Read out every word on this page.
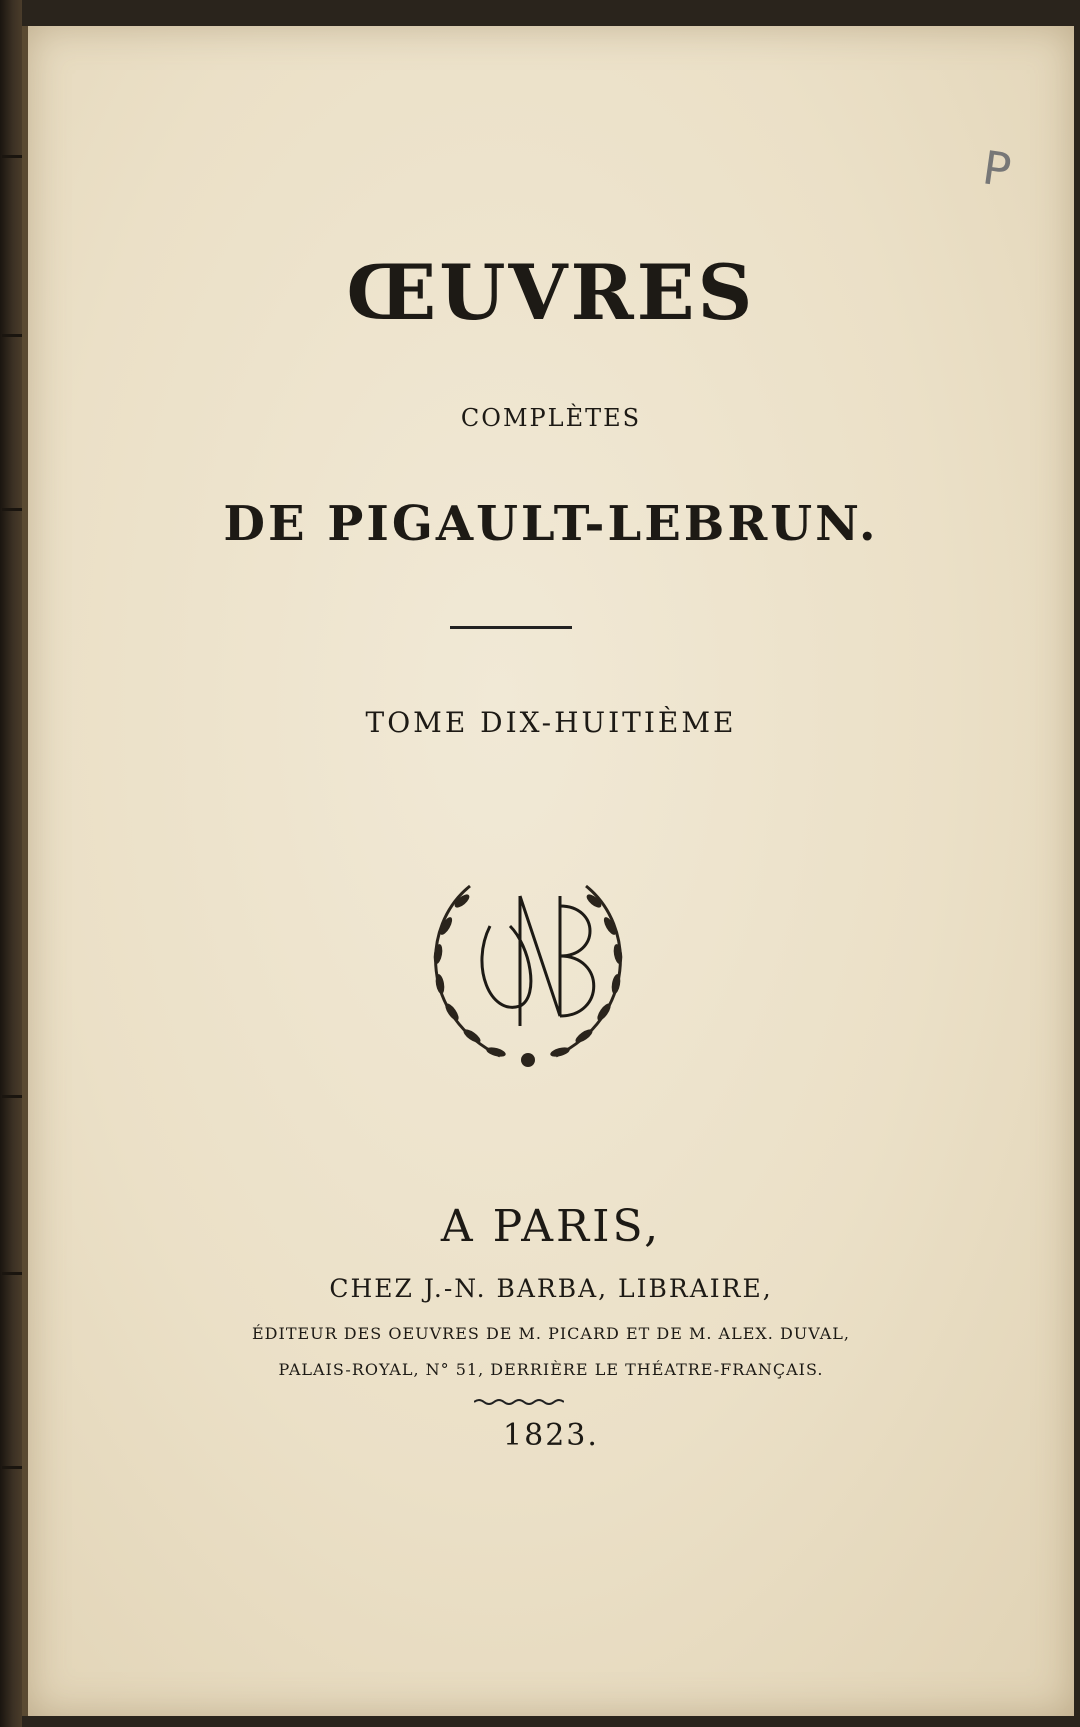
P
ŒUVRES
COMPLÈTES
DE PIGAULT-LEBRUN.
TOME DIX-HUITIÈME
A PARIS,
CHEZ J.-N. BARBA, LIBRAIRE,
ÉDITEUR DES OEUVRES DE M. PICARD ET DE M. ALEX. DUVAL,
PALAIS-ROYAL, N° 51, DERRIÈRE LE THÉATRE-FRANÇAIS.
1823.
